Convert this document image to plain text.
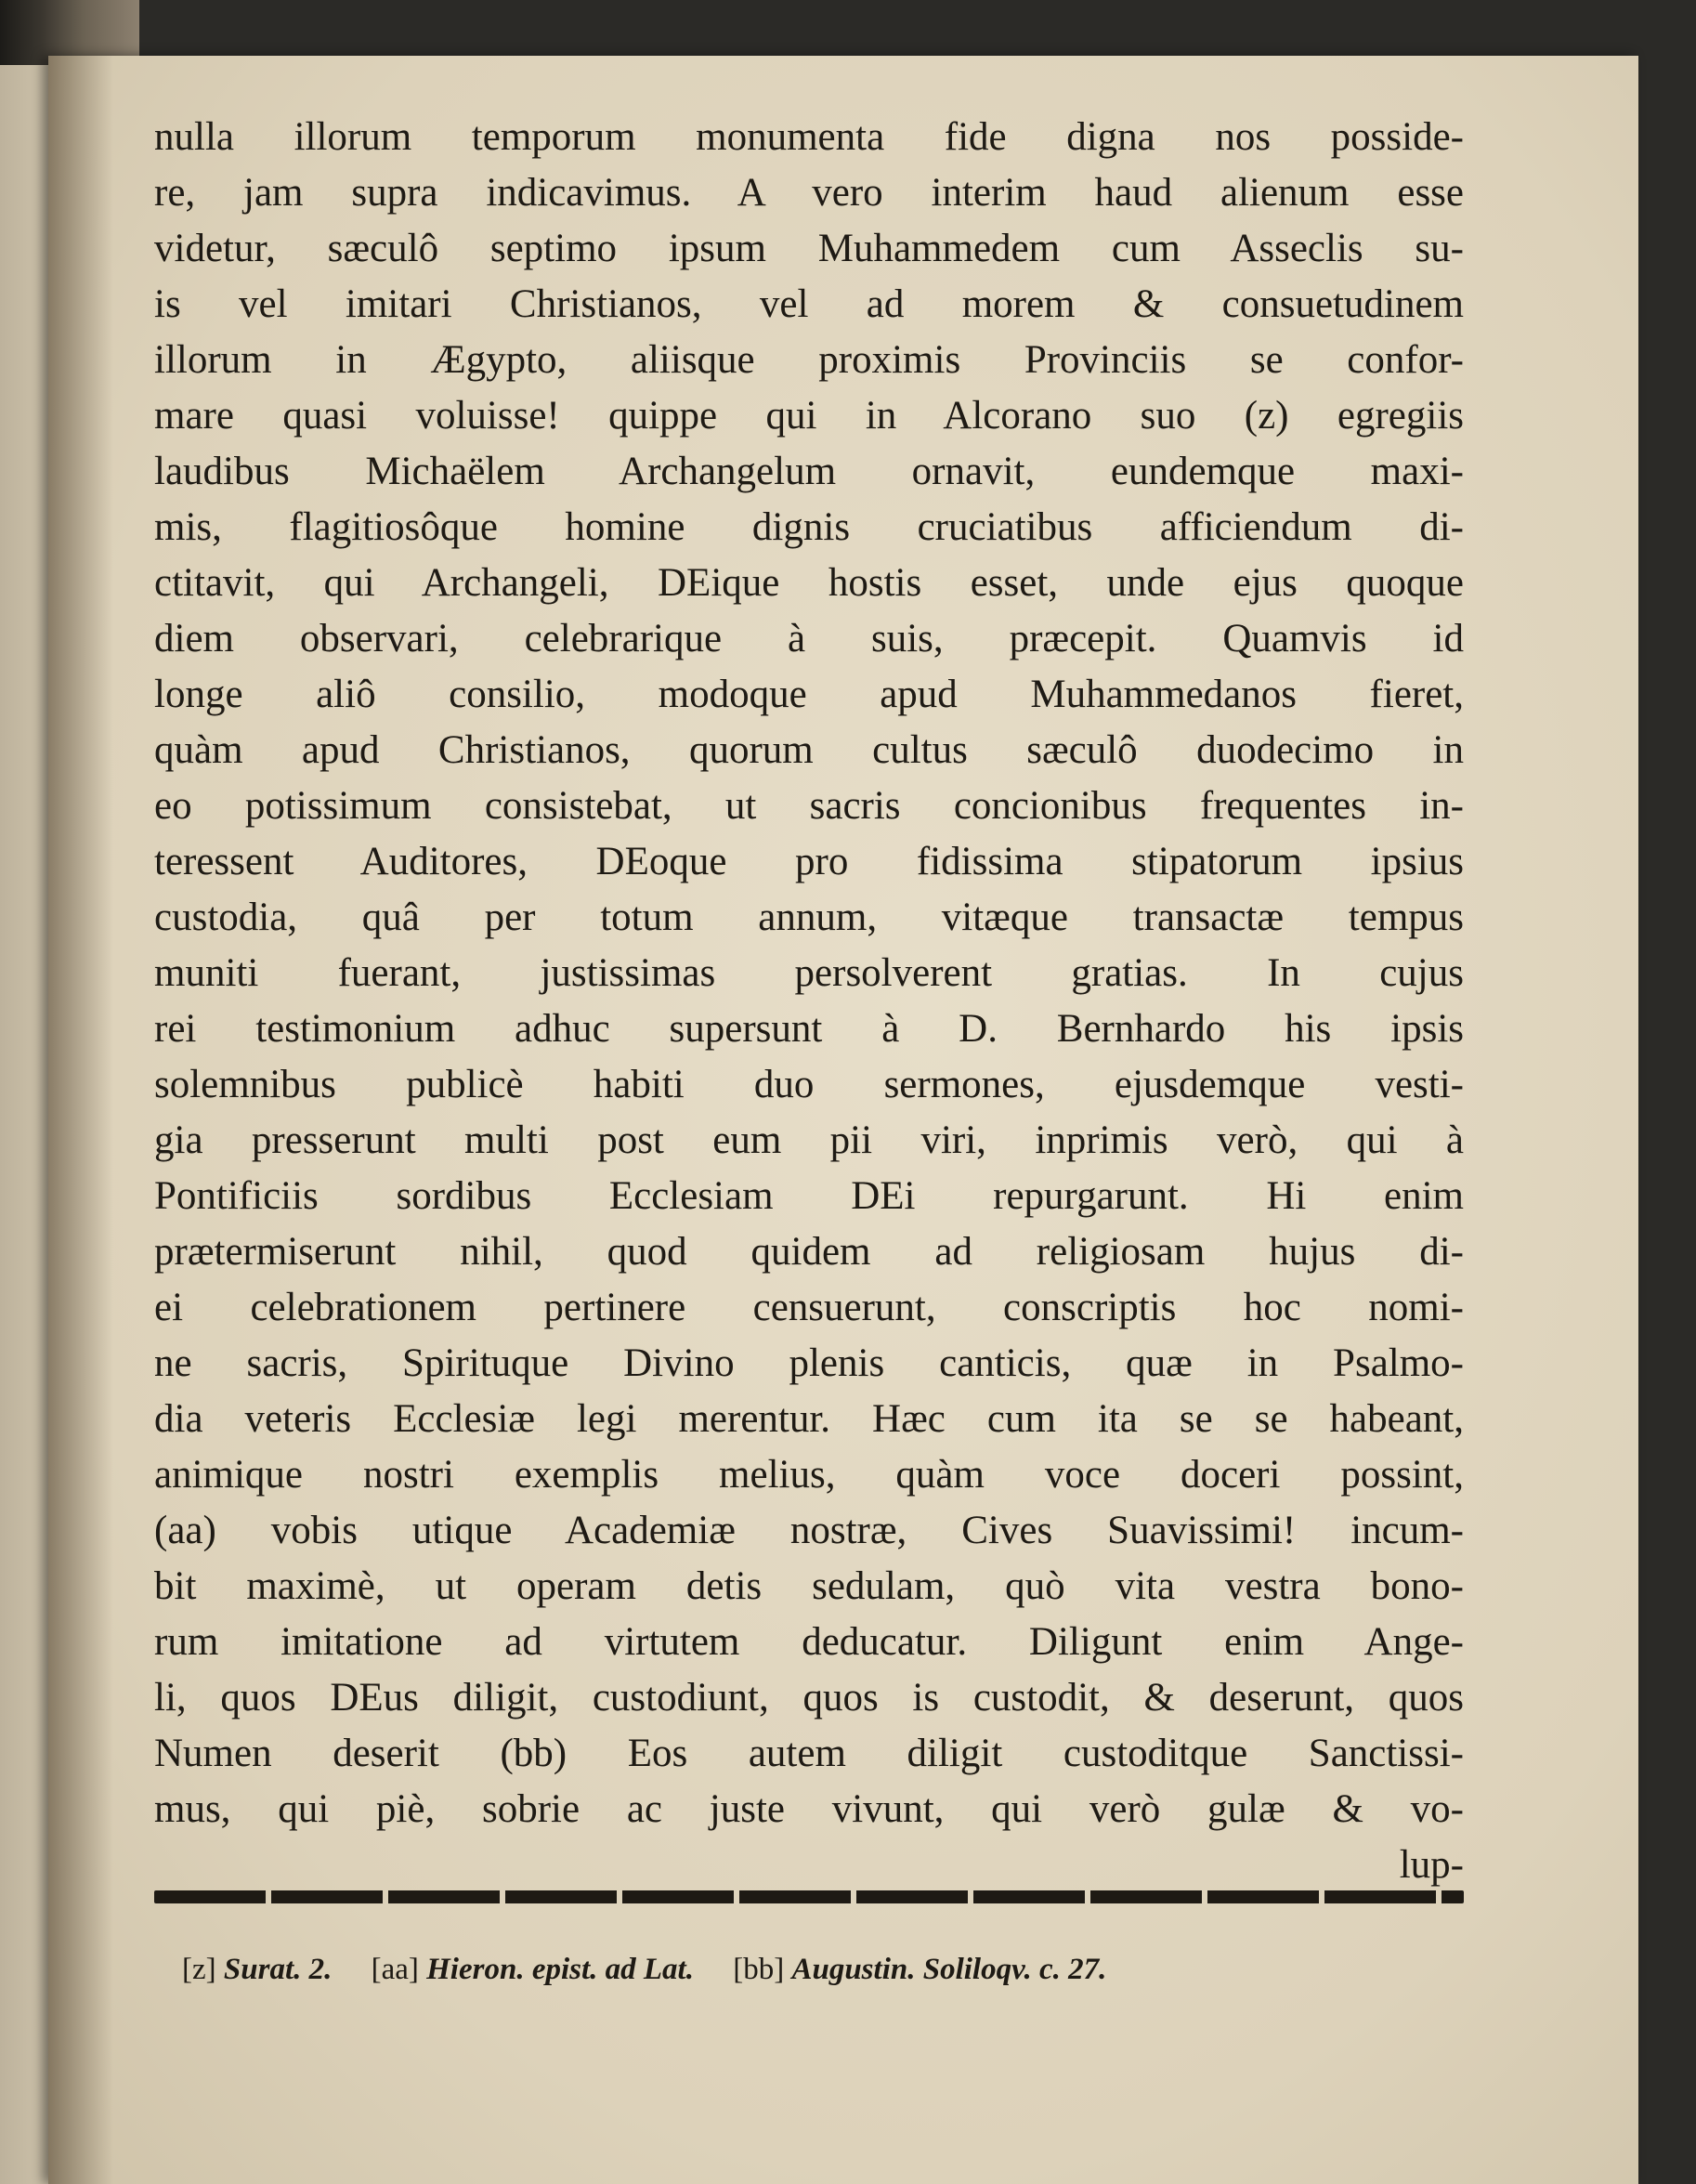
nulla illorum temporum monumenta fide digna nos posside-
re, jam supra indicavimus. A vero interim haud alienum esse
videtur, sæculô septimo ipsum Muhammedem cum Asseclis su-
is vel imitari Christianos, vel ad morem & consuetudinem
illorum in Ægypto, aliisque proximis Provinciis se confor-
mare quasi voluisse! quippe qui in Alcorano suo (z) egregiis
laudibus Michaëlem Archangelum ornavit, eundemque maxi-
mis, flagitiosôque homine dignis cruciatibus afficiendum di-
ctitavit, qui Archangeli, DEique hostis esset, unde ejus quoque
diem observari, celebrarique à suis, præcepit. Quamvis id
longe aliô consilio, modoque apud Muhammedanos fieret,
quàm apud Christianos, quorum cultus sæculô duodecimo in
eo potissimum consistebat, ut sacris concionibus frequentes in-
teressent Auditores, DEoque pro fidissima stipatorum ipsius
custodia, quâ per totum annum, vitæque transactæ tempus
muniti fuerant, justissimas persolverent gratias. In cujus
rei testimonium adhuc supersunt à D. Bernhardo his ipsis
solemnibus publicè habiti duo sermones, ejusdemque vesti-
gia presserunt multi post eum pii viri, inprimis verò, qui à
Pontificiis sordibus Ecclesiam DEi repurgarunt. Hi enim
prætermiserunt nihil, quod quidem ad religiosam hujus di-
ei celebrationem pertinere censuerunt, conscriptis hoc nomi-
ne sacris, Spirituque Divino plenis canticis, quæ in Psalmo-
dia veteris Ecclesiæ legi merentur. Hæc cum ita se se habeant,
animique nostri exemplis melius, quàm voce doceri possint,
(aa) vobis utique Academiæ nostræ, Cives Suavissimi! incum-
bit maximè, ut operam detis sedulam, quò vita vestra bono-
rum imitatione ad virtutem deducatur. Diligunt enim Ange-
li, quos DEus diligit, custodiunt, quos is custodit, & deserunt, quos
Numen deserit (bb) Eos autem diligit custoditque Sanctissi-
mus, qui piè, sobrie ac juste vivunt, qui verò gulæ & vo-
lup-
[z] Surat. 2. [aa] Hieron. epist. ad Lat. [bb] Augustin. Soliloqv. c. 27.
